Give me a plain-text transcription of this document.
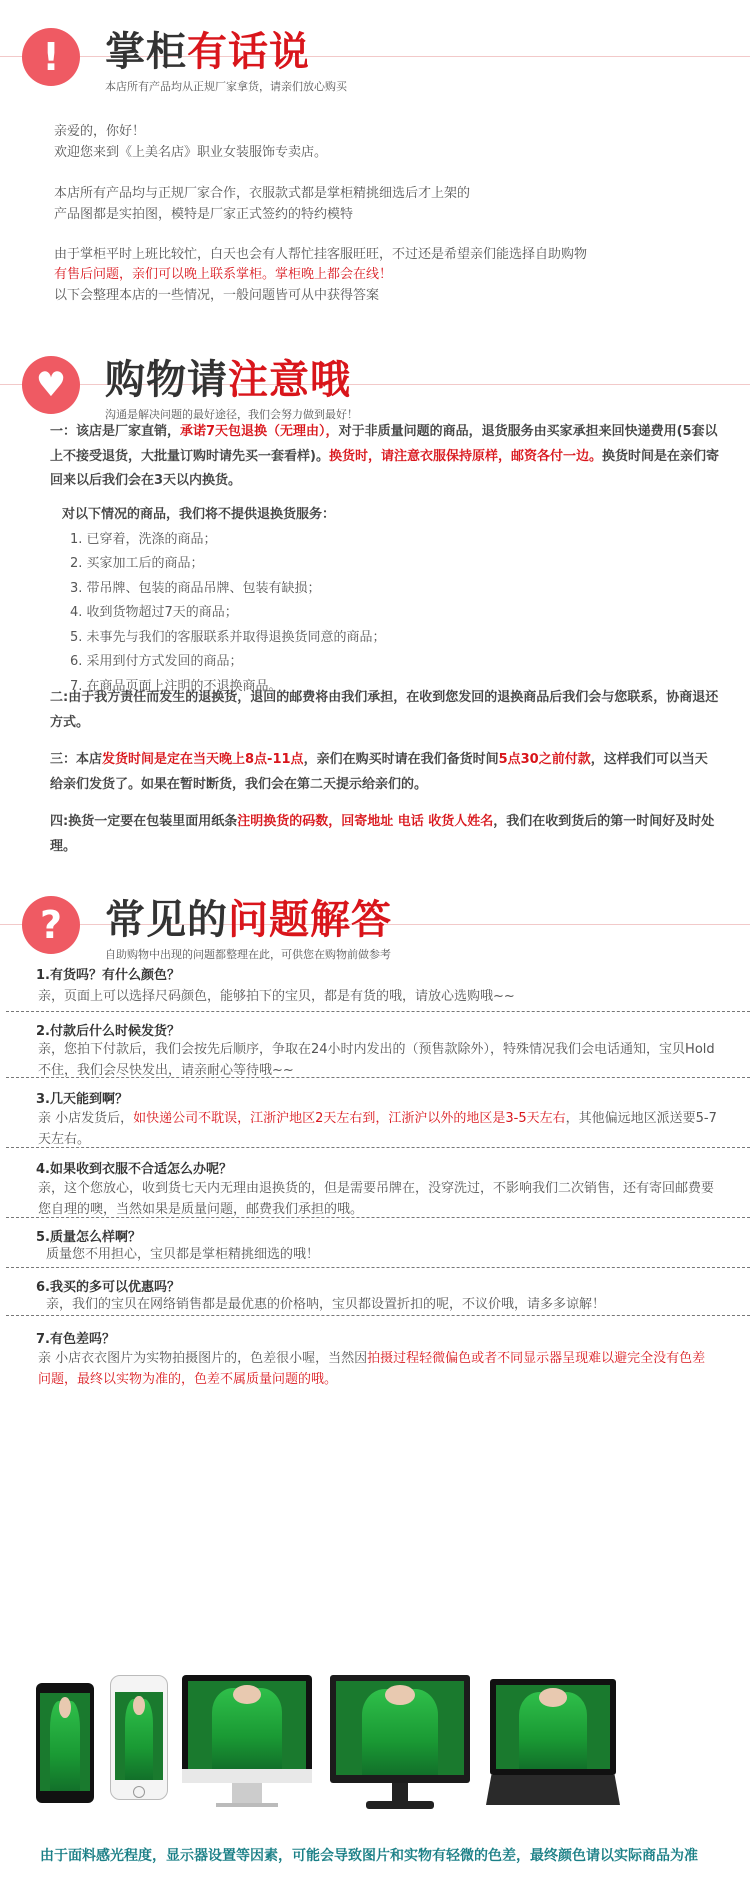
!	掌柜有话说
本店所有产品均从正规厂家拿货，请亲们放心购买
亲爱的，你好！
欢迎您来到《上美名店》职业女装服饰专卖店。
本店所有产品均与正规厂家合作，衣服款式都是掌柜精挑细选后才上架的
产品图都是实拍图，模特是厂家正式签约的特约模特
由于掌柜平时上班比较忙，白天也会有人帮忙挂客服旺旺，不过还是希望亲们能选择自助购物
有售后问题，亲们可以晚上联系掌柜。掌柜晚上都会在线！
以下会整理本店的一些情况，一般问题皆可从中获得答案
♥ 购物请注意哦
沟通是解决问题的最好途径，我们会努力做到最好！
一：该店是厂家直销，承诺7天包退换（无理由），对于非质量问题的商品，退货服务由买家承担来回快递费用(5套以上不接受退货，大批量订购时请先买一套看样)。换货时，请注意衣服保持原样，邮资各付一边。换货时间是在亲们寄回来以后我们会在3天以内换货。
对以下情况的商品，我们将不提供退换货服务：
1. 已穿着，洗涤的商品；
2. 买家加工后的商品；
3. 带吊牌、包装的商品吊牌、包装有缺损；
4. 收到货物超过7天的商品；
5. 未事先与我们的客服联系并取得退换货同意的商品；
6. 采用到付方式发回的商品；
7. 在商品页面上注明的不退换商品。
二:由于我方责任而发生的退换货，退回的邮费将由我们承担，在收到您发回的退换商品后我们会与您联系，协商退还方式。
三：本店发货时间是定在当天晚上8点-11点，亲们在购买时请在我们备货时间5点30之前付款，这样我们可以当天给亲们发货了。如果在暂时断货，我们会在第二天提示给亲们的。
四:换货一定要在包装里面用纸条注明换货的码数，回寄地址 电话 收货人姓名，我们在收到货后的第一时间好及时处理。
?	常见的问题解答
自助购物中出现的问题都整理在此，可供您在购物前做参考
1.有货吗？有什么颜色？
亲，页面上可以选择尺码颜色，能够拍下的宝贝，都是有货的哦，请放心选购哦~~
2.付款后什么时候发货？
亲，您拍下付款后，我们会按先后顺序，争取在24小时内发出的（预售款除外），特殊情况我们会电话通知，宝贝Hold不住，我们会尽快发出，请亲耐心等待哦~~
3.几天能到啊？
亲 小店发货后，如快递公司不耽误，江浙沪地区2天左右到，江浙沪以外的地区是3-5天左右，其他偏远地区派送要5-7天左右。
4.如果收到衣服不合适怎么办呢？
亲，这个您放心，收到货七天内无理由退换货的，但是需要吊牌在，没穿洗过，不影响我们二次销售，还有寄回邮费要您自理的噢，当然如果是质量问题，邮费我们承担的哦。
5.质量怎么样啊？
质量您不用担心，宝贝都是掌柜精挑细选的哦！
6.我买的多可以优惠吗？
亲，我们的宝贝在网络销售都是最优惠的价格呐，宝贝都设置折扣的呢，不议价哦，请多多谅解！
7.有色差吗？
亲 小店衣衣图片为实物拍摄图片的，色差很小喔，当然因拍摄过程轻微偏色或者不同显示器呈现难以避完全没有色差问题，最终以实物为准的，色差不属质量问题的哦。
由于面料感光程度，显示器设置等因素，可能会导致图片和实物有轻微的色差，最终颜色请以实际商品为准
